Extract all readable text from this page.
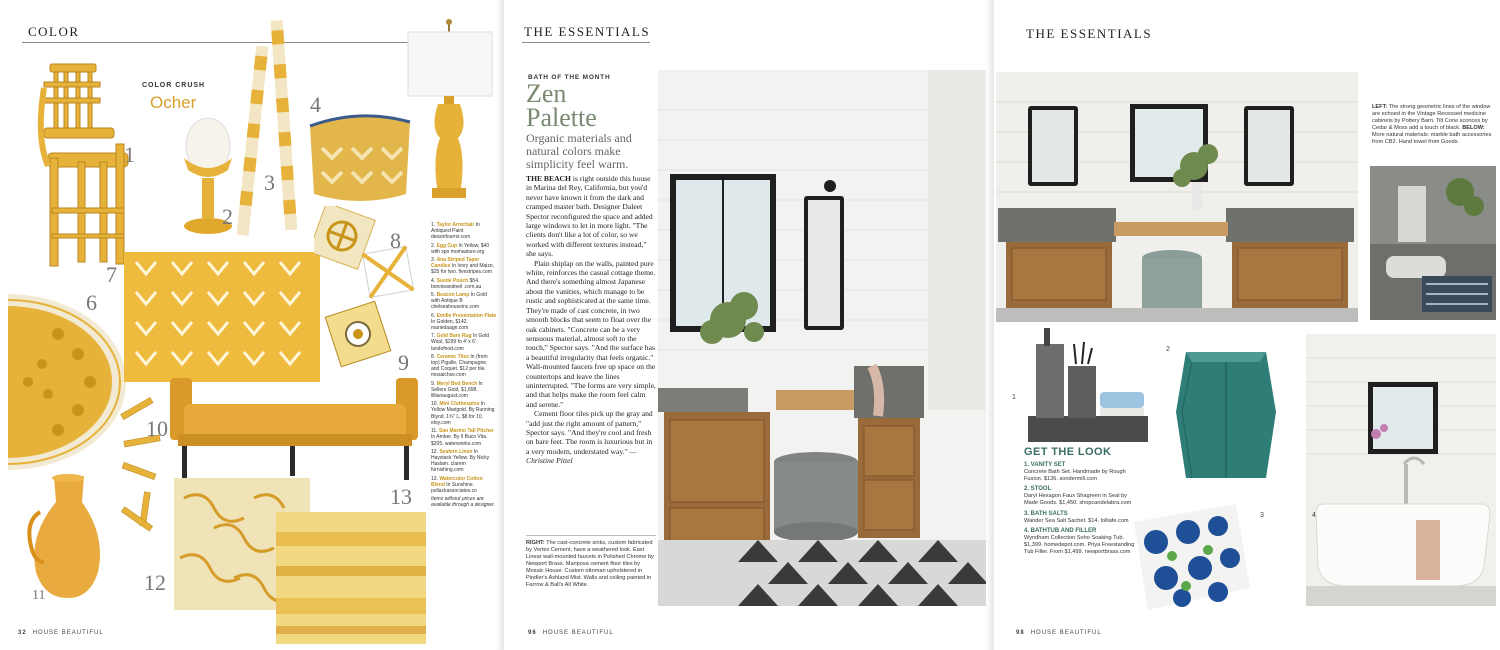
COLOR
COLOR CRUSH
Ocher
1
2
3
4
6
7
8
9
10
11
12
13
1. Taylor Armchair In Antiqued Paint dessinfournir.com
2. Egg Cup In Yellow, $40 with spo momastore.org
3. Ana Striped Taper Candles In Ivory and Maize, $25 for two. fivestripes.com
4. Suede Pouch $54. bonnieandneil .com.au
5. Beacon Lamp In Gold with Antique B chelseahouseinc.com
6. Emille Presentation Plate In Golden, $142. mariedaage.com
7. Gold Bars Rug In Gold Wool, $299 fo 4' x 6'. landofnod.com
8. Ceramic Tiles In (from top) Pigalle, Champagne, and Coquet. $12 per tile. mosaichse.com
9. Meryl Bed Bench In Sellers Gold, $1,898. lillianaugust.com
10. Mini Clothespins In Yellow Marigold. By Running Blynd. 1¾" L, $8 for 10. etsy.com
11. San Marino Tall Pitcher In Amber. By Il Buco Vita. $205. waterworks.com
12. Seafern Linen In Haystack Yellow. By Nicky Haslam. clarem furnishing.com
13. Watercolor Cotton Blend In Sunshine. pollackassociates.co
Items without prices are available through a designer.
32 HOUSE BEAUTIFUL
THE ESSENTIALS
BATH OF THE MONTH
Zen
Palette
Organic materials and natural colors make simplicity feel warm.

THE BEACH is right outside this house in Marina del Rey, California, but you'd never have known it from the dark and cramped master bath. Designer Daleet Spector reconfigured the space and added large windows to let in more light. "The clients don't like a lot of color, so we worked with different textures instead," she says.

Plain shiplap on the walls, painted pure white, reinforces the casual cottage theme. And there's something almost Japanese about the vanities, which manage to be rustic and sophisticated at the same time. They're made of cast concrete, in two smooth blocks that seem to float over the oak cabinets. "Concrete can be a very sensuous material, almost soft to the touch," Spector says. "And the surface has a beautiful irregularity that feels organic." Wall-mounted faucets free up space on the countertops and leave the lines uninterrupted. "The forms are very simple, and that helps make the room feel calm and serene."

Cement floor tiles pick up the gray and "add just the right amount of pattern," Spector says. "And they're cool and fresh on bare feet. The room is luxurious but in a very modern, understated way." —Christine Pittel

RIGHT: The cast-concrete sinks, custom fabricated by Vertex Cement, have a weathered look. East Linear wall-mounted faucets in Polished Chrome by Newport Brass. Mariposa cement floor tiles by Mosaic House. Custom ottoman upholstered in Pindler's Ashland Mist. Walls and ceiling painted in Farrow & Ball's All White.
96 HOUSE BEAUTIFUL
THE ESSENTIALS
LEFT: The strong geometric lines of the window are echoed in the Vintage Recessed medicine cabinets by Pottery Barn. Tilt Cone sconces by Cedar & Moss add a touch of black. BELOW: More natural materials: marble bath accessories from CB2. Hand towel from Goods.
1
2
3	4
GET THE LOOK
1. VANITY SET
Concrete Bath Set. Handmade by Rough Fusion. $136. sondermill.com
2. STOOL
Daryl Hexagon Faux Shagreen in Seal by Made Goods. $1,450. shopcandelabra.com
3. BATH SALTS
Wander Sea Salt Sachet. $14. lolliafe.com
4. BATHTUB AND FILLER
Wyndham Collection Soho Soaking Tub. $1,399. homedepot.com. Priya Freestanding Tub Filler. From $1,499. newportbrass.com
98 HOUSE BEAUTIFUL
